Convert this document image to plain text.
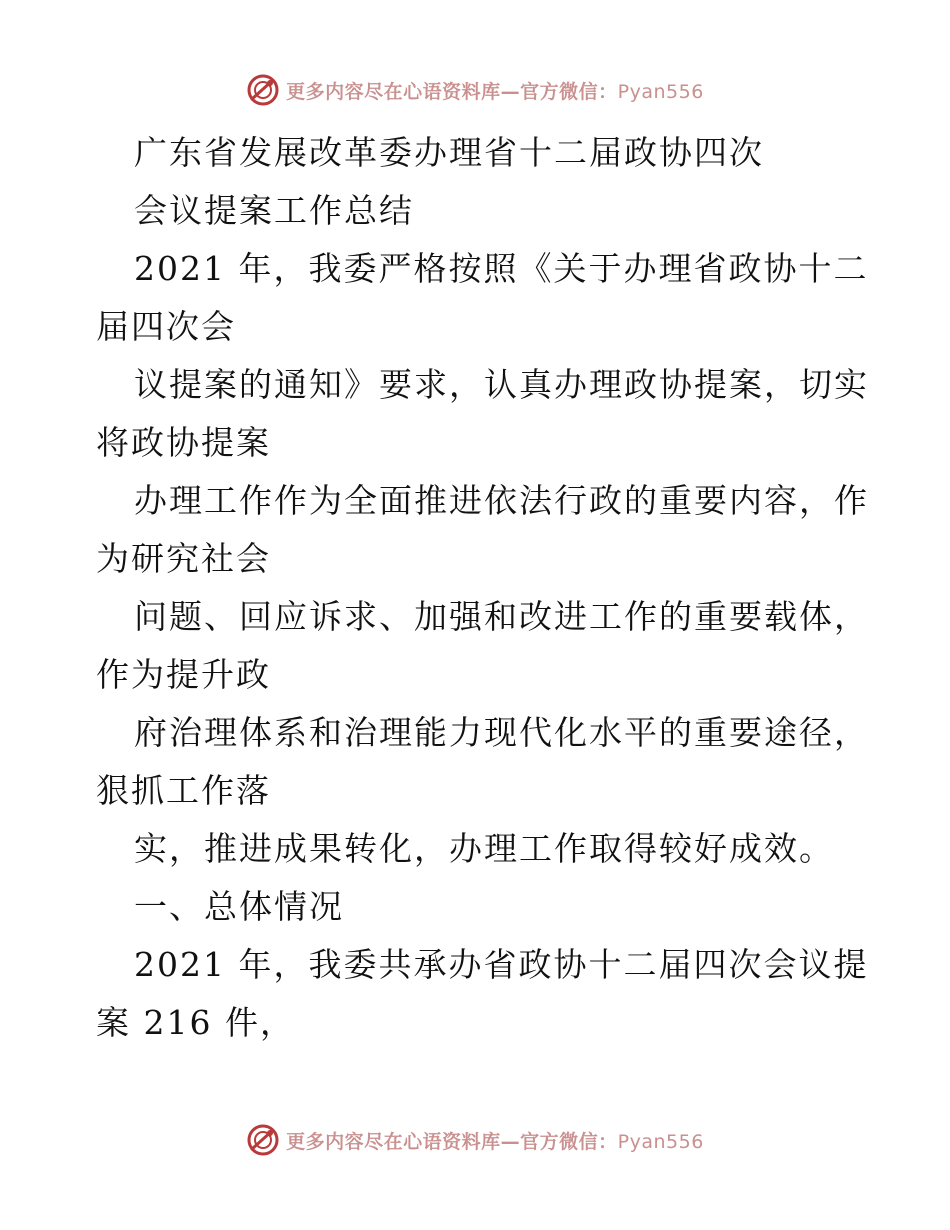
更多内容尽在心语资料库—官方微信：Pyan556
广东省发展改革委办理省十二届政协四次
会议提案工作总结
2021 年，我委严格按照《关于办理省政协十二
届四次会
议提案的通知》要求，认真办理政协提案，切实
将政协提案
办理工作作为全面推进依法行政的重要内容，作
为研究社会
问题、回应诉求、加强和改进工作的重要载体，
作为提升政
府治理体系和治理能力现代化水平的重要途径，
狠抓工作落
实，推进成果转化，办理工作取得较好成效。
一、总体情况
2021 年，我委共承办省政协十二届四次会议提
案 216 件，
更多内容尽在心语资料库—官方微信：Pyan556
